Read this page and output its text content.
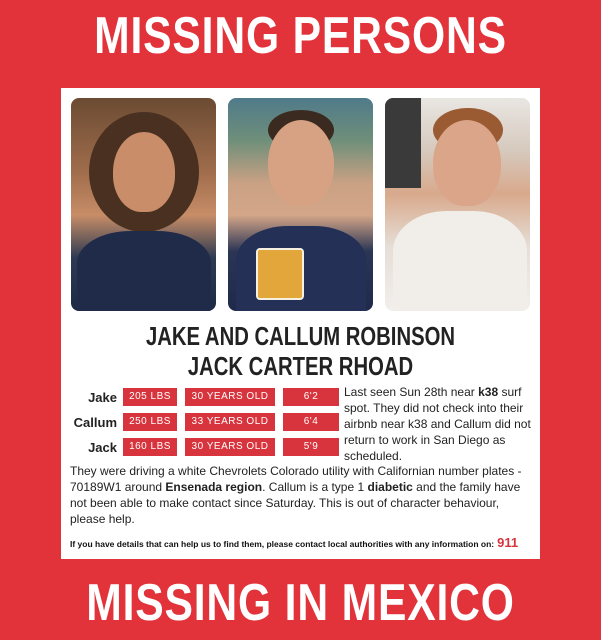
MISSING PERSONS
JAKE AND CALLUM ROBINSON
JACK CARTER RHOAD
Jake	205 LBS	30 YEARS OLD	6'2
Callum	250 LBS	33 YEARS OLD	6'4
Jack	160 LBS	30 YEARS OLD	5'9
Last seen Sun 28th near k38 surf spot. They did not check into their airbnb near k38 and Callum did not return to work in San Diego as scheduled.
They were driving a white Chevrolets Colorado utility with Californian number plates - 70189W1 around Ensenada region. Callum is a type 1 diabetic and the family have not been able to make contact since Saturday. This is out of character behaviour, please help.
If you have details that can help us to find them, please contact local authorities with any information on: 911
MISSING IN MEXICO
